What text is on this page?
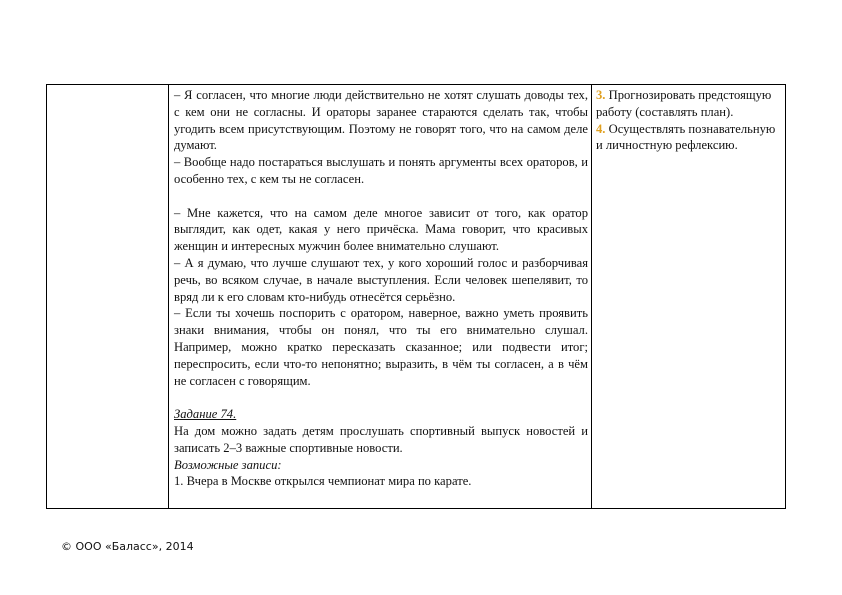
– Я согласен, что многие люди действительно не хотят слушать доводы тех, с кем они не согласны. И ораторы заранее стараются сделать так, чтобы угодить всем присутствующим. Поэтому не говорят того, что на самом деле думают.

– Вообще надо постараться выслушать и понять аргументы всех ораторов, и особенно тех, с кем ты не согласен.

– Мне кажется, что на самом деле многое зависит от того, как оратор выглядит, как одет, какая у него причёска. Мама говорит, что красивых женщин и интересных мужчин более внимательно слушают.

– А я думаю, что лучше слушают тех, у кого хороший голос и разборчивая речь, во всяком случае, в начале выступления. Если человек шепелявит, то вряд ли к его словам кто-нибудь отнесётся серьёзно.

– Если ты хочешь поспорить с оратором, наверное, важно уметь проявить знаки внимания, чтобы он понял, что ты его внимательно слушал. Например, можно кратко пересказать сказанное; или подвести итог; переспросить, если что-то непонятно; выразить, в чём ты согласен, а в чём не согласен с говорящим.

Задание 74.

На дом можно задать детям прослушать спортивный выпуск новостей и записать 2–3 важные спортивные новости.

Возможные записи:

1. Вчера в Москве открылся чемпионат мира по карате.

3. Прогнозировать предстоящую работу (составлять план).

4. Осуществлять познавательную и личностную рефлексию.

© ООО «Баласс», 2014
